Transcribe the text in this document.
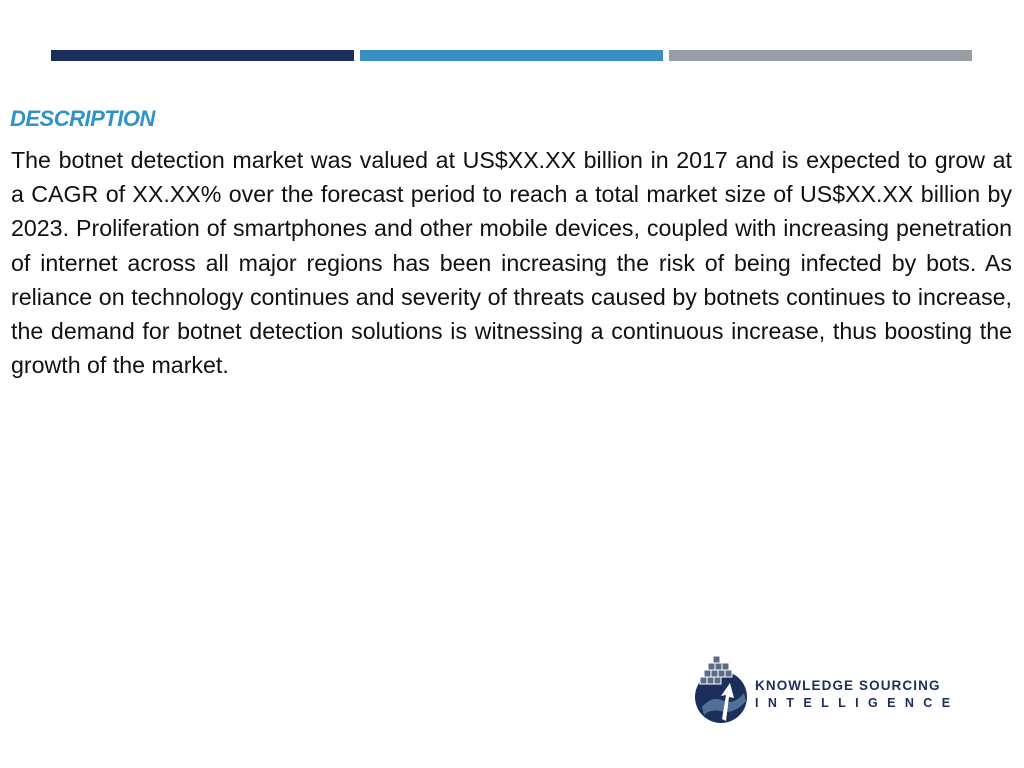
DESCRIPTION

The botnet detection market was valued at US$XX.XX billion in 2017 and is expected to grow at a CAGR of XX.XX% over the forecast period to reach a total market size of US$XX.XX billion by 2023. Proliferation of smartphones and other mobile devices, coupled with increasing penetration of internet across all major regions has been increasing the risk of being infected by bots. As reliance on technology continues and severity of threats caused by botnets continues to increase, the demand for botnet detection solutions is witnessing a continuous increase, thus boosting the growth of the market.

KNOWLEDGE SOURCING
INTELLIGENCE
